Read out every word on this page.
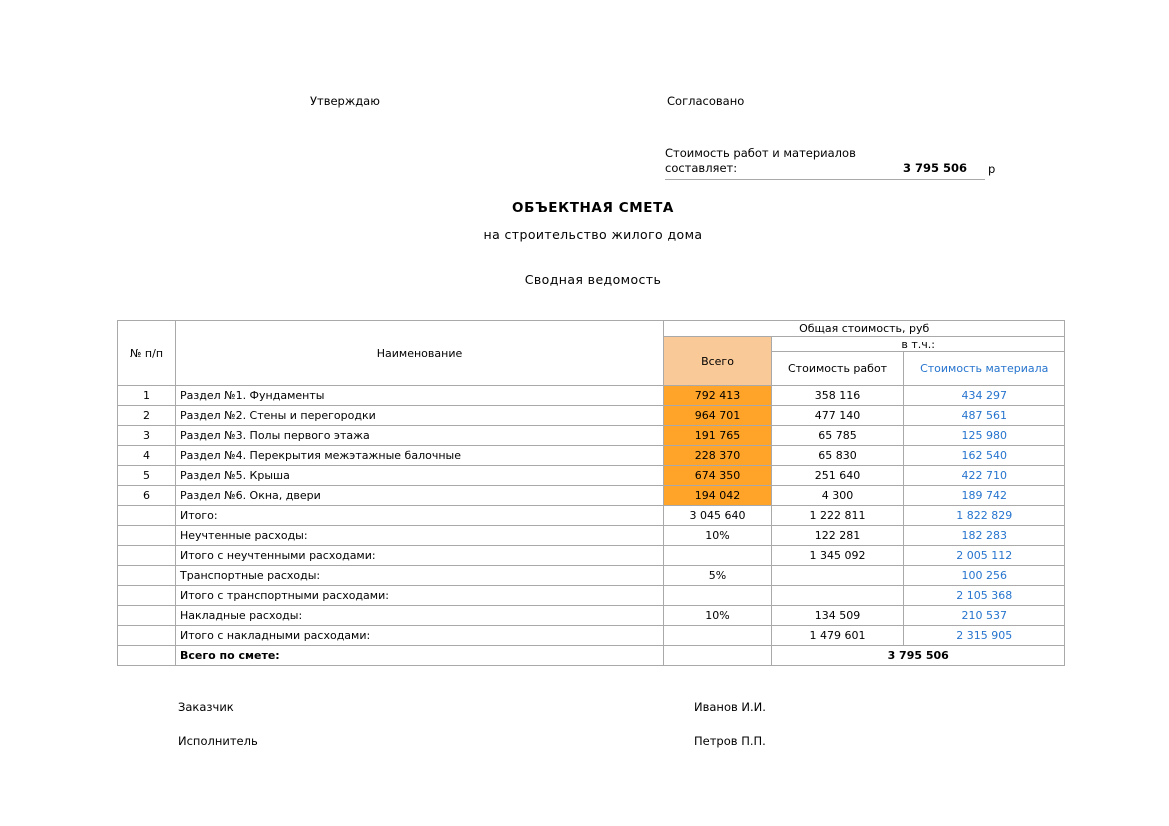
Утверждаю	Согласовано
Стоимость работ и материалов
составляет:	3 795 506 р
ОБЪЕКТНАЯ СМЕТА
на строительство жилого дома
Сводная ведомость
№ п/п	Наименование	Общая стоимость, руб		
		Всего	в т.ч.:	
			Стоимость работ	Стоимость материала
1	Раздел №1. Фундаменты	792 413	358 116	434 297
2	Раздел №2. Стены и перегородки	964 701	477 140	487 561
3	Раздел №3. Полы первого этажа	191 765	65 785	125 980
4	Раздел №4. Перекрытия межэтажные балочные	228 370	65 830	162 540
5	Раздел №5. Крыша	674 350	251 640	422 710
6	Раздел №6. Окна, двери	194 042	4 300	189 742
	Итого:	3 045 640	1 222 811	1 822 829
	Неучтенные расходы:	10%	122 281	182 283
	Итого с неучтенными расходами:		1 345 092	2 005 112
	Транспортные расходы:	5%		100 256
	Итого с транспортными расходами:			2 105 368
	Накладные расходы:	10%	134 509	210 537
	Итого с накладными расходами:		1 479 601	2 315 905
	Всего по смете:		3 795 506	
Заказчик	Иванов И.И.
Исполнитель	Петров П.П.
